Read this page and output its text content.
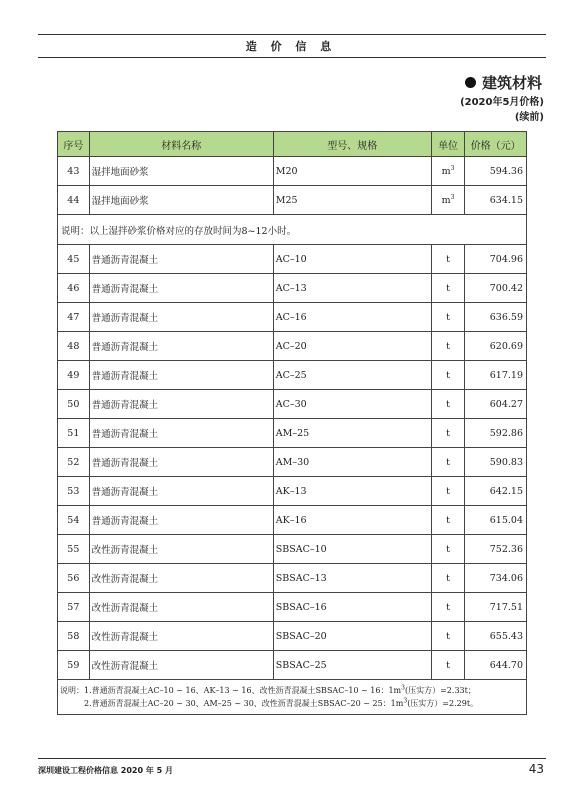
造 价 信 息
建筑材料
(2020年5月价格)
(续前)
序号	材料名称	型号、规格	单位	价格（元）
43	湿拌地面砂浆	M20	$m^3$	594.36
44	湿拌地面砂浆	M25	$m^3$	634.15
说明：以上湿拌砂浆价格对应的存放时间为8~12小时。				
45	普通沥青混凝土	AC–10	t	704.96
46	普通沥青混凝土	AC–13	t	700.42
47	普通沥青混凝土	AC–16	t	636.59
48	普通沥青混凝土	AC–20	t	620.69
49	普通沥青混凝土	AC–25	t	617.19
50	普通沥青混凝土	AC–30	t	604.27
51	普通沥青混凝土	AM–25	t	592.86
52	普通沥青混凝土	AM–30	t	590.83
53	普通沥青混凝土	AK–13	t	642.15
54	普通沥青混凝土	AK–16	t	615.04
55	改性沥青混凝土	SBSAC–10	t	752.36
56	改性沥青混凝土	SBSAC–13	t	734.06
57	改性沥青混凝土	SBSAC–16	t	717.51
58	改性沥青混凝土	SBSAC–20	t	655.43
59	改性沥青混凝土	SBSAC–25	t	644.70

说明：1.普通沥青混凝土AC–10 ~ 16、AK–13 ~ 16、改性沥青混凝土SBSAC–10 ~ 16：$1m^3$(压实方）=2.33t；
2.普通沥青混凝土AC–20 ~ 30、AM–25 ~ 30、改性沥青混凝土SBSAC–20 ~ 25：$1m^3$(压实方）=2.29t。				
深圳建设工程价格信息 2020 年 5 月	43
